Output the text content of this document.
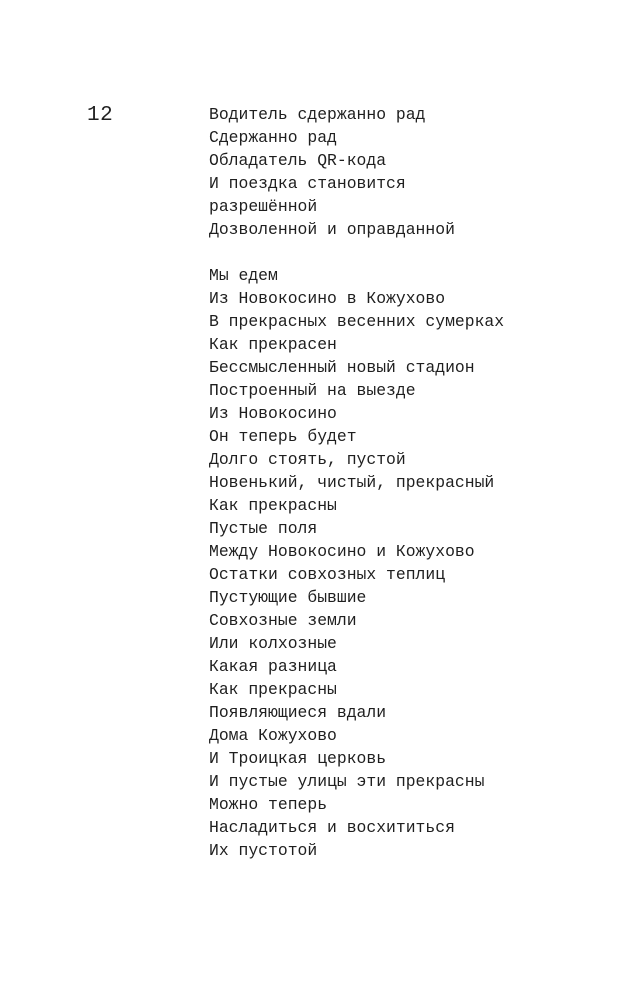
12	Водитель сдержанно рад
Сдержанно рад
Обладатель QR-кода
И поездка становится
разрешённой
Дозволенной и оправданной
Мы едем
Из Новокосино в Кожухово
В прекрасных весенних сумерках
Как прекрасен
Бессмысленный новый стадион
Построенный на выезде
Из Новокосино
Он теперь будет
Долго стоять, пустой
Новенький, чистый, прекрасный
Как прекрасны
Пустые поля
Между Новокосино и Кожухово
Остатки совхозных теплиц
Пустующие бывшие
Совхозные земли
Или колхозные
Какая разница
Как прекрасны
Появляющиеся вдали
Дома Кожухово
И Троицкая церковь
И пустые улицы эти прекрасны
Можно теперь
Насладиться и восхититься
Их пустотой
